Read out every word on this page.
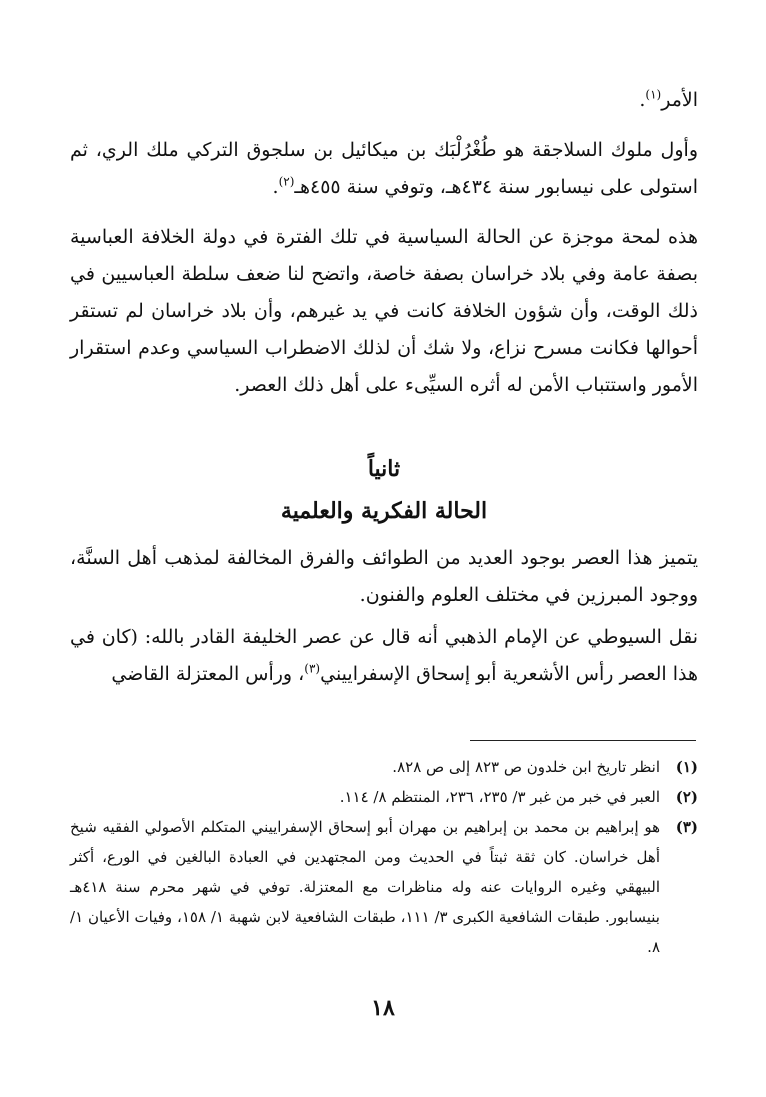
الأمر$^{(١)}$.

وأول ملوك السلاجقة هو طُغْرُلْبَك بن ميكائيل بن سلجوق التركي ملك الري، ثم استولى على نيسابور سنة ٤٣٤هـ، وتوفي سنة ٤٥٥هـ$^{(٢)}$.

هذه لمحة موجزة عن الحالة السياسية في تلك الفترة في دولة الخلافة العباسية بصفة عامة وفي بلاد خراسان بصفة خاصة، واتضح لنا ضعف سلطة العباسيين في ذلك الوقت، وأن شؤون الخلافة كانت في يد غيرهم، وأن بلاد خراسان لم تستقر أحوالها فكانت مسرح نزاع، ولا شك أن لذلك الاضطراب السياسي وعدم استقرار الأمور واستتباب الأمن له أثره السيِّىء على أهل ذلك العصر.

ثانياً
الحالة الفكرية والعلمية

يتميز هذا العصر بوجود العديد من الطوائف والفرق المخالفة لمذهب أهل السنَّة، ووجود المبرزين في مختلف العلوم والفنون.

نقل السيوطي عن الإمام الذهبي أنه قال عن عصر الخليفة القادر بالله: (كان في هذا العصر رأس الأشعرية أبو إسحاق الإسفراييني$^{(٣)}$، ورأس المعتزلة القاضي

(١)
انظر تاريخ ابن خلدون ص ٨٢٣ إلى ص ٨٢٨.
(٢)
العبر في خبر من غبر ٣/ ٢٣٥، ٢٣٦، المنتظم ٨/ ١١٤.
(٣)
هو إبراهيم بن محمد بن إبراهيم بن مهران أبو إسحاق الإسفراييني المتكلم الأصولي الفقيه شيخ أهل خراسان. كان ثقة ثبتاً في الحديث ومن المجتهدين في العبادة البالغين في الورع، أكثر البيهقي وغيره الروايات عنه وله مناظرات مع المعتزلة. توفي في شهر محرم سنة ٤١٨هـ بنيسابور. طبقات الشافعية الكبرى ٣/ ١١١، طبقات الشافعية لابن شهبة ١/ ١٥٨، وفيات الأعيان ١/ ٨.
١٨
